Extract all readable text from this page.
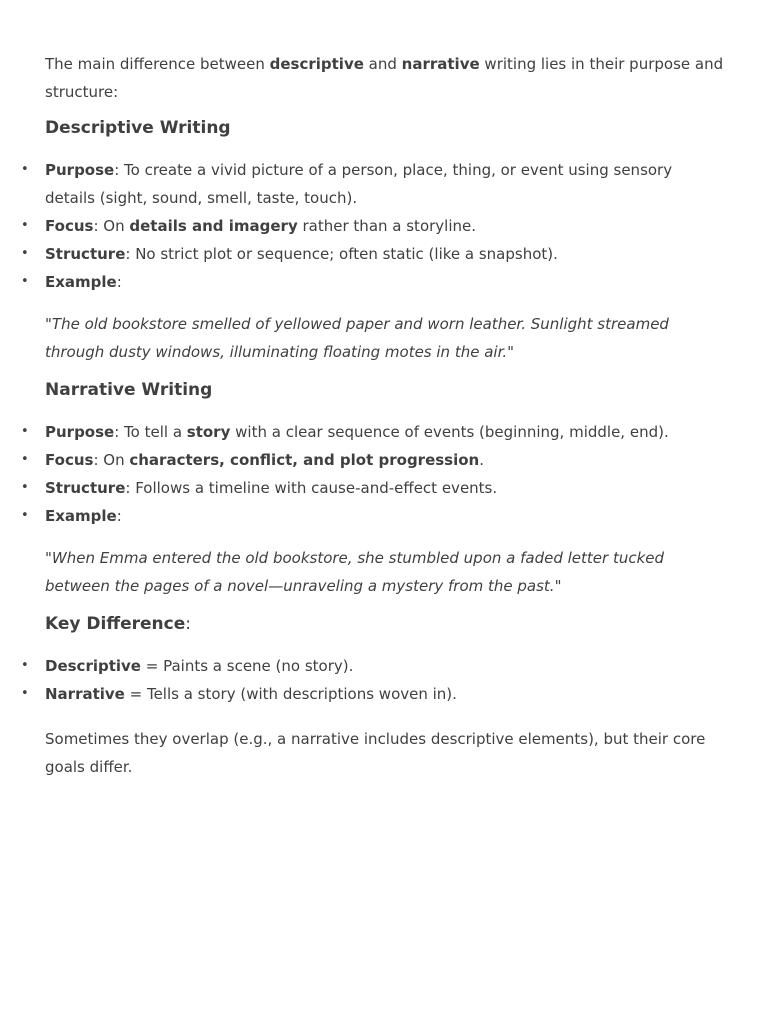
The main difference between descriptive and narrative writing lies in their purpose and structure:

Descriptive Writing
• Purpose: To create a vivid picture of a person, place, thing, or event using sensory details (sight, sound, smell, taste, touch).
• Focus: On details and imagery rather than a storyline.
• Structure: No strict plot or sequence; often static (like a snapshot).
• Example:

"The old bookstore smelled of yellowed paper and worn leather. Sunlight streamed through dusty windows, illuminating floating motes in the air."

Narrative Writing
• Purpose: To tell a story with a clear sequence of events (beginning, middle, end).
• Focus: On characters, conflict, and plot progression.
• Structure: Follows a timeline with cause-and-effect events.
• Example:

"When Emma entered the old bookstore, she stumbled upon a faded letter tucked between the pages of a novel—unraveling a mystery from the past."

Key Difference:
• Descriptive = Paints a scene (no story).
• Narrative = Tells a story (with descriptions woven in).

Sometimes they overlap (e.g., a narrative includes descriptive elements), but their core goals differ.
